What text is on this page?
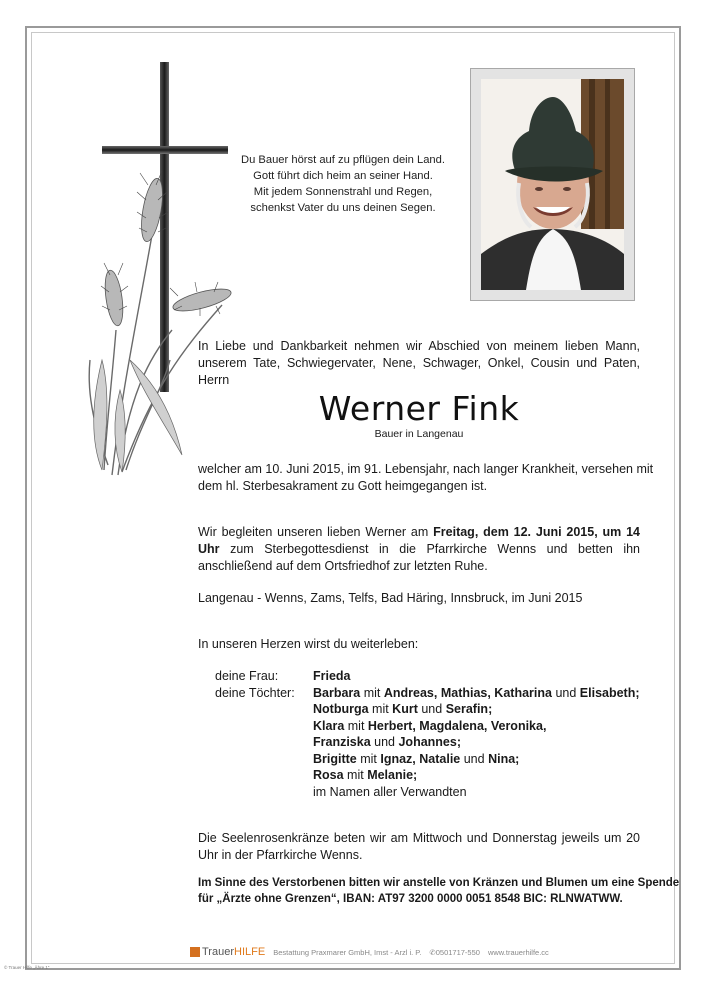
Du Bauer hörst auf zu pflügen dein Land.
Gott führt dich heim an seiner Hand.
Mit jedem Sonnenstrahl und Regen,
schenkst Vater du uns deinen Segen.
In Liebe und Dankbarkeit nehmen wir Abschied von meinem lieben Mann, unserem Tate, Schwiegervater, Nene, Schwager, Onkel, Cousin und Paten, Herrn
Werner Fink
Bauer in Langenau
welcher am 10. Juni 2015, im 91. Lebensjahr, nach langer Krankheit, versehen mit
dem hl. Sterbesakrament zu Gott heimgegangen ist.
Wir begleiten unseren lieben Werner am Freitag, dem 12. Juni 2015, um 14 Uhr zum Sterbegottesdienst in die Pfarrkirche Wenns und betten ihn anschließend auf dem Ortsfriedhof zur letzten Ruhe.
Langenau - Wenns, Zams, Telfs, Bad Häring, Innsbruck, im Juni 2015
In unseren Herzen wirst du weiterleben:
deine Frau:
deine Töchter:
Frieda
Barbara mit Andreas, Mathias, Katharina und Elisabeth;
Notburga mit Kurt und Serafin;
Klara mit Herbert, Magdalena, Veronika,
Franziska und Johannes;
Brigitte mit Ignaz, Natalie und Nina;
Rosa mit Melanie;
im Namen aller Verwandten
Die Seelenrosenkränze beten wir am Mittwoch und Donnerstag jeweils um 20 Uhr in der Pfarrkirche Wenns.
Im Sinne des Verstorbenen bitten wir anstelle von Kränzen und Blumen um eine Spende
für „Ärzte ohne Grenzen“, IBAN: AT97 3200 0000 0051 8548 BIC: RLNWATWW.
Trauer HILFE Bestattung Praxmarer GmbH, Imst - Arzl i. P. ✆0501717-550 www.trauerhilfe.cc
© Trauer Hilfe „Ähre 1“
